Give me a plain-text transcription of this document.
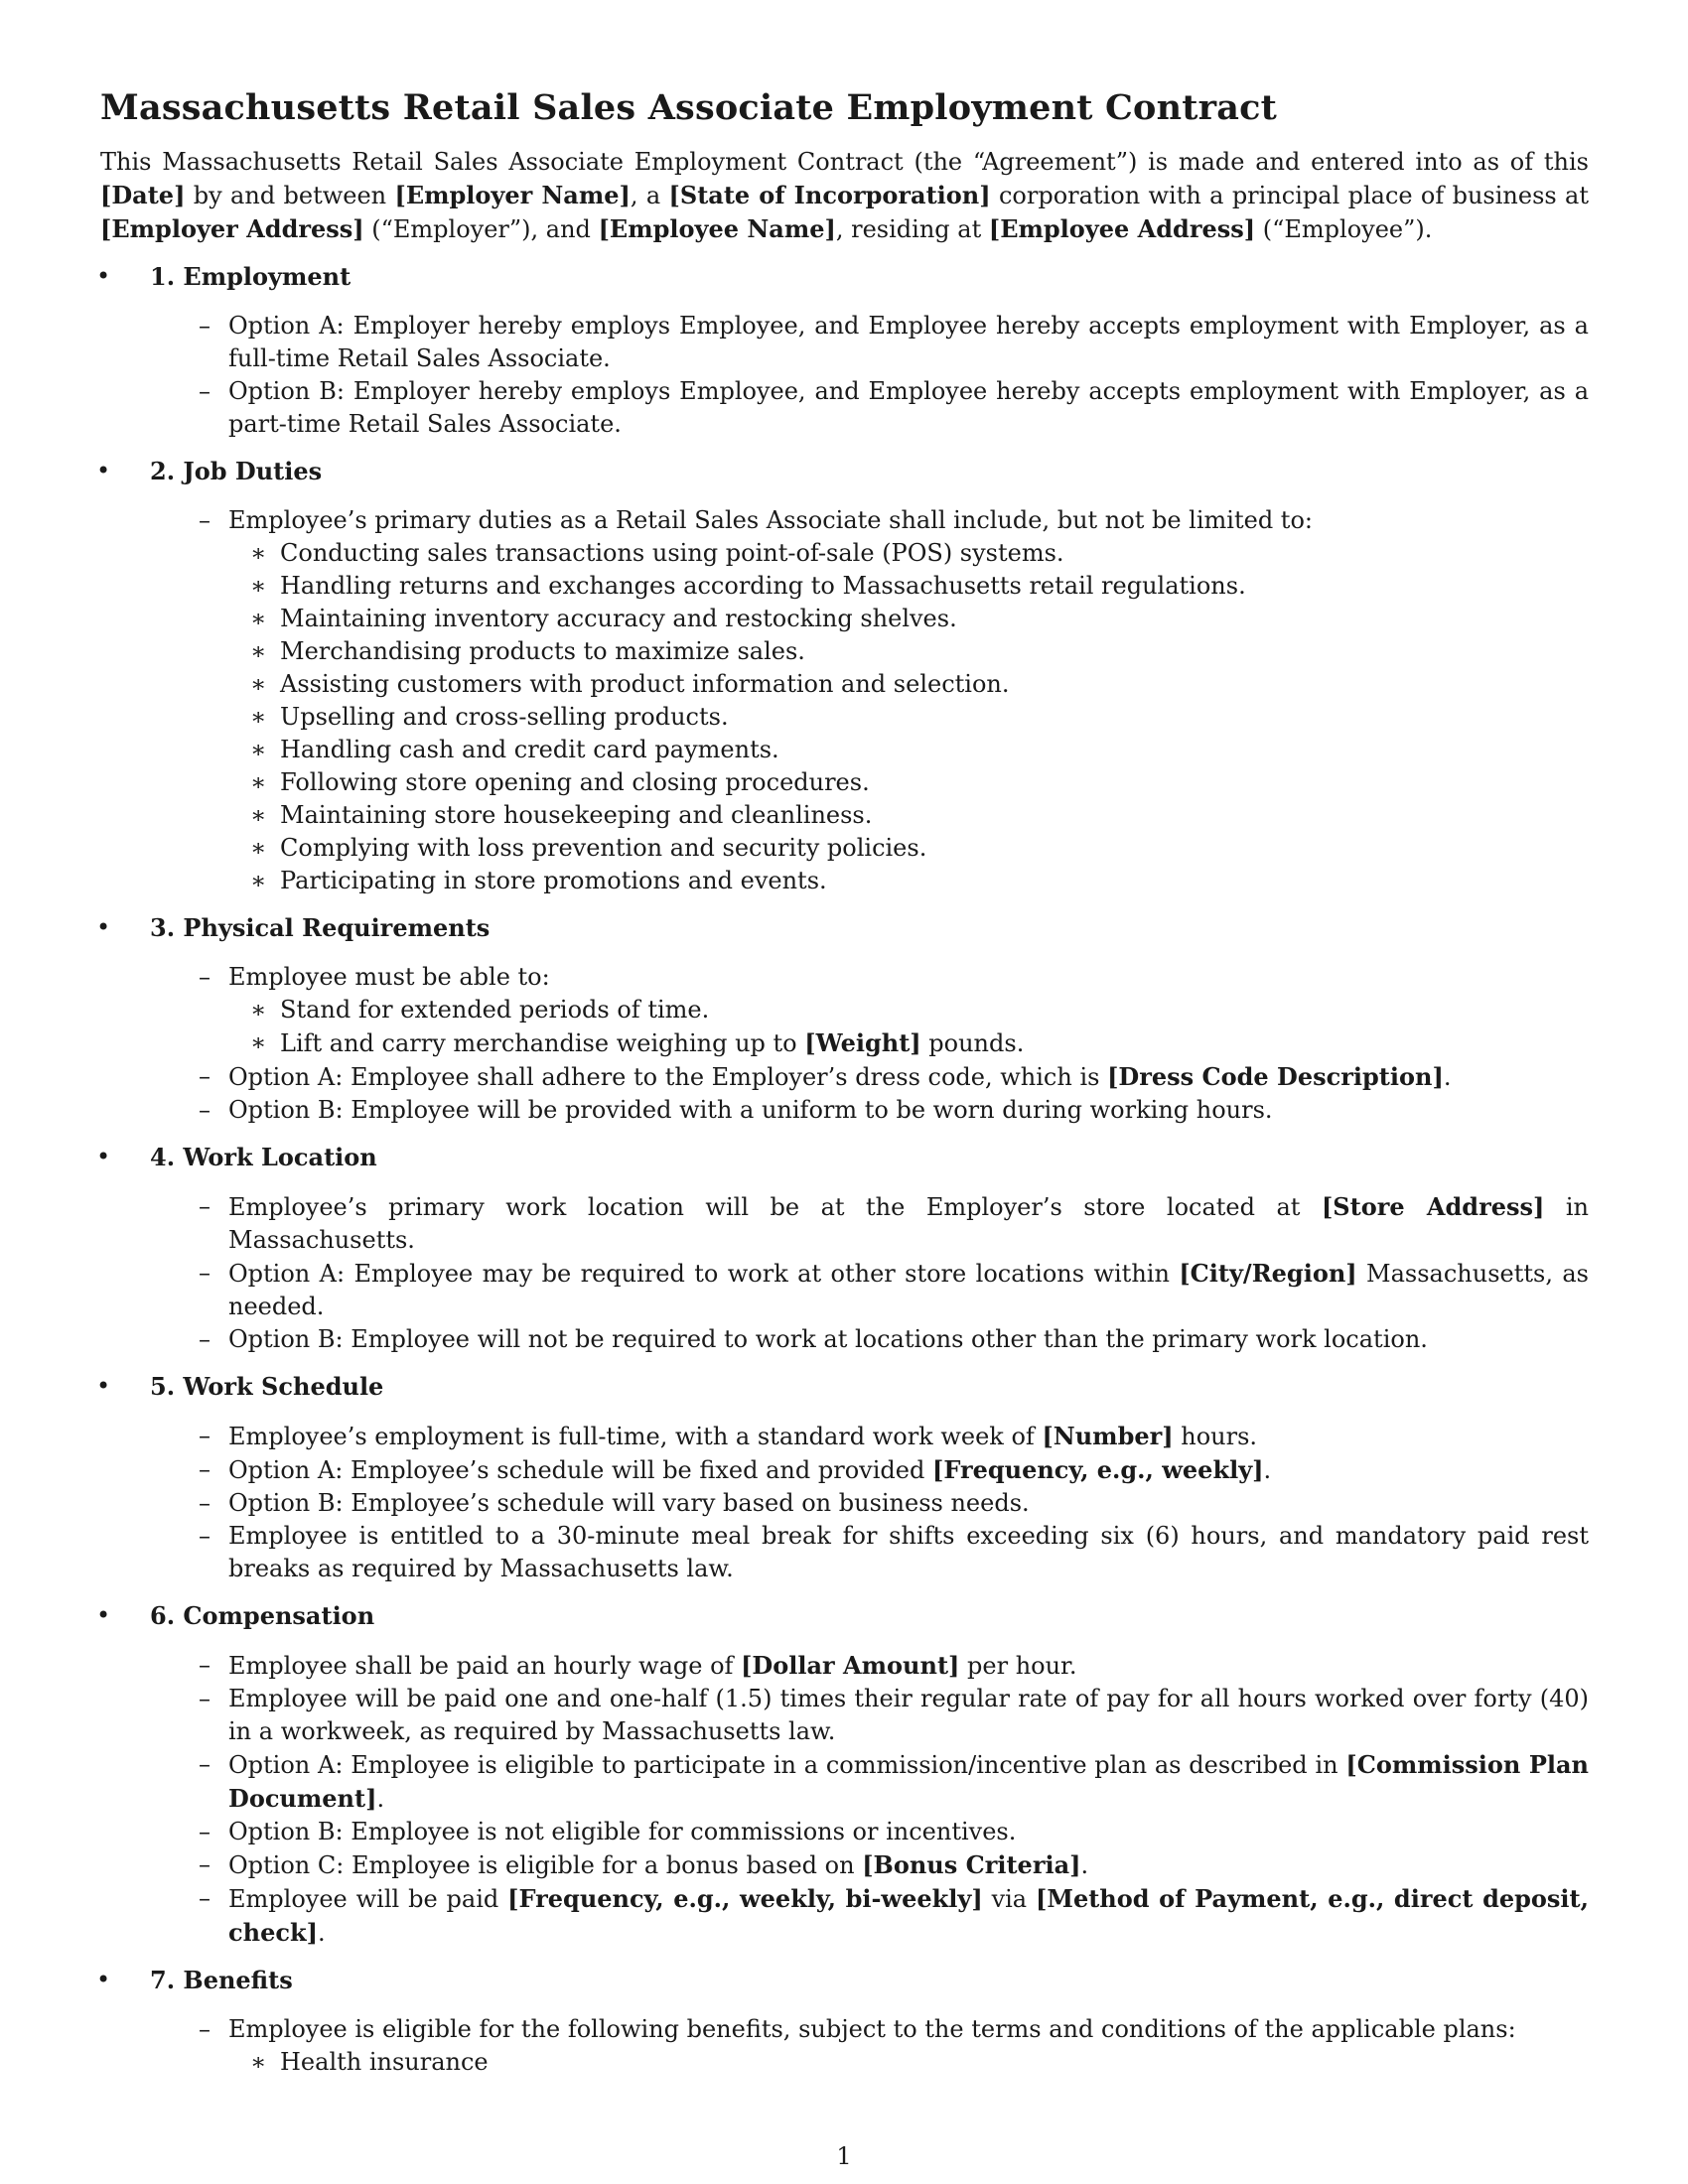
Massachusetts Retail Sales Associate Employment Contract

This Massachusetts Retail Sales Associate Employment Contract (the “Agreement”) is made and entered into as of this [Date] by and between [Employer Name], a [State of Incorporation] corporation with a principal place of business at [Employer Address] (“Employer”), and [Employee Name], residing at [Employee Address] (“Employee”).

1. Employment
– Option A: Employer hereby employs Employee, and Employee hereby accepts employment with Employer, as a full-time Retail Sales Associate.
– Option B: Employer hereby employs Employee, and Employee hereby accepts employment with Employer, as a part-time Retail Sales Associate.
2. Job Duties
– Employee’s primary duties as a Retail Sales Associate shall include, but not be limited to:
∗ Conducting sales transactions using point-of-sale (POS) systems.
∗ Handling returns and exchanges according to Massachusetts retail regulations.
∗ Maintaining inventory accuracy and restocking shelves.
∗ Merchandising products to maximize sales.
∗ Assisting customers with product information and selection.
∗ Upselling and cross-selling products.
∗ Handling cash and credit card payments.
∗ Following store opening and closing procedures.
∗ Maintaining store housekeeping and cleanliness.
∗ Complying with loss prevention and security policies.
∗ Participating in store promotions and events.
3. Physical Requirements
– Employee must be able to:
∗ Stand for extended periods of time.
∗ Lift and carry merchandise weighing up to [Weight] pounds.
– Option A: Employee shall adhere to the Employer’s dress code, which is [Dress Code Description].
– Option B: Employee will be provided with a uniform to be worn during working hours.
4. Work Location
– Employee’s primary work location will be at the Employer’s store located at [Store Address] in Massachusetts.
– Option A: Employee may be required to work at other store locations within [City/Region] Massachusetts, as needed.
– Option B: Employee will not be required to work at locations other than the primary work location.
5. Work Schedule
– Employee’s employment is full-time, with a standard work week of [Number] hours.
– Option A: Employee’s schedule will be fixed and provided [Frequency, e.g., weekly].
– Option B: Employee’s schedule will vary based on business needs.
– Employee is entitled to a 30-minute meal break for shifts exceeding six (6) hours, and mandatory paid rest breaks as required by Massachusetts law.
6. Compensation
– Employee shall be paid an hourly wage of [Dollar Amount] per hour.
– Employee will be paid one and one-half (1.5) times their regular rate of pay for all hours worked over forty (40) in a workweek, as required by Massachusetts law.
– Option A: Employee is eligible to participate in a commission/incentive plan as described in [Commission Plan Document].
– Option B: Employee is not eligible for commissions or incentives.
– Option C: Employee is eligible for a bonus based on [Bonus Criteria].
– Employee will be paid [Frequency, e.g., weekly, bi-weekly] via [Method of Payment, e.g., direct deposit, check].
7. Benefits
– Employee is eligible for the following benefits, subject to the terms and conditions of the applicable plans:
∗ Health insurance
1
